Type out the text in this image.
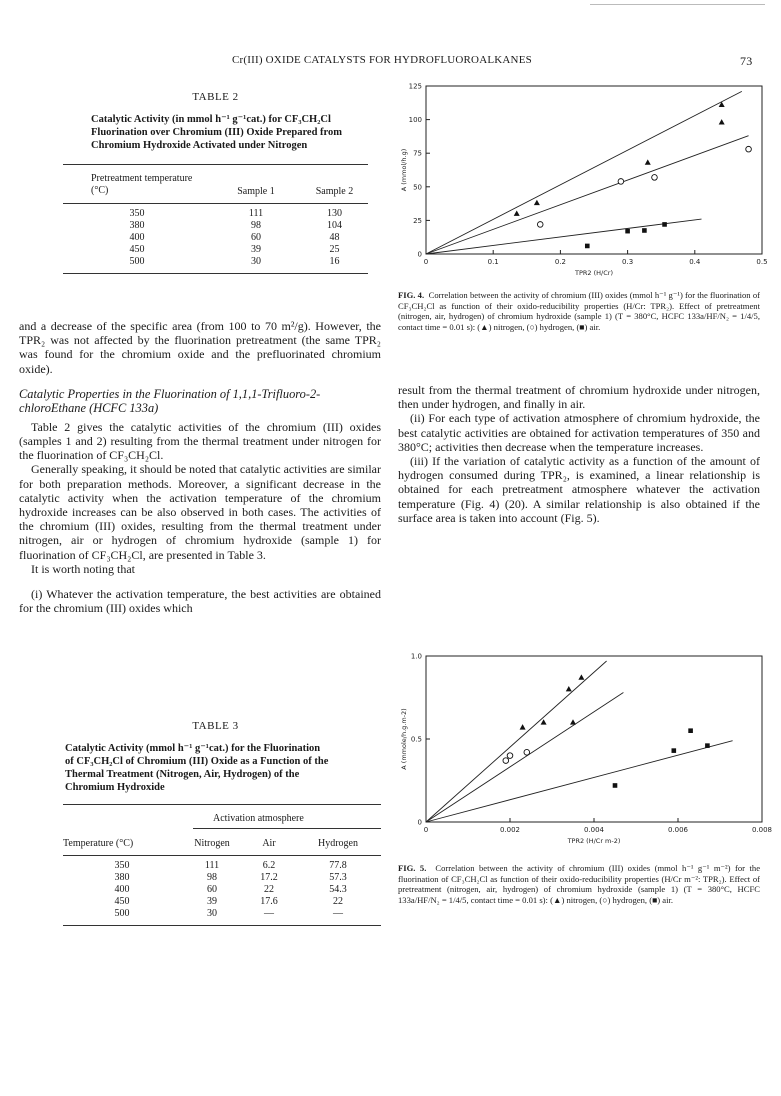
Cr(III) OXIDE CATALYSTS FOR HYDROFLUOROALKANES	73
TABLE 2
Catalytic Activity (in mmol h⁻¹ g⁻¹cat.) for CF₃CH₂Cl Fluorination over Chromium (III) Oxide Prepared from Chromium Hydroxide Activated under Nitrogen
Pretreatment temperature (°C)	Sample 1	Sample 2

350	111	130
380	98	104
400	60	48
450	39	25
500	30	16

and a decrease of the specific area (from 100 to 70 m²/g). However, the TPR₂ was not affected by the fluorination pretreatment (the same TPR₂ was found for the chromium oxide and the prefluorinated chromium oxide).

Catalytic Properties in the Fluorination of 1,1,1-Trifluoro-2-chloroEthane (HCFC 133a)

Table 2 gives the catalytic activities of the chromium (III) oxides (samples 1 and 2) resulting from the thermal treatment under nitrogen for the fluorination of CF₃CH₂Cl.

Generally speaking, it should be noted that catalytic activities are similar for both preparation methods. Moreover, a significant decrease in the catalytic activity when the activation temperature of the chromium hydroxide increases can be also observed in both cases. The activities of the chromium (III) oxides, resulting from the thermal treatment under nitrogen, air or hydrogen of chromium hydroxide (sample 1) for fluorination of CF₃CH₂Cl, are presented in Table 3.

It is worth noting that

(i) Whatever the activation temperature, the best activities are obtained for the chromium (III) oxides which

TABLE 3
Catalytic Activity (mmol h⁻¹ g⁻¹cat.) for the Fluorination of CF₃CH₂Cl of Chromium (III) Oxide as a Function of the Thermal Treatment (Nitrogen, Air, Hydrogen) of the Chromium Hydroxide
Activation atmosphere
Temperature (°C)	Nitrogen	Air	Hydrogen

350	111	6.2	77.8
380	98	17.2	57.3
400	60	22	54.3
450	39	17.6	22
500	30	—	—

0	0.1	0.2	0.3	0.4	0.5
0
25
50
75
100
125
TPR2 (H/Cr)
A (mmol/h.g)
FIG. 4. Correlation between the activity of chromium (III) oxides (mmol h⁻¹ g⁻¹) for the fluorination of CF₃CH₂Cl as function of their oxido-reducibility properties (H/Cr: TPR₂). Effect of pretreatment (nitrogen, air, hydrogen) of chromium hydroxide (sample 1) (T = 380°C, HCFC 133a/HF/N₂ = 1/4/5, contact time = 0.01 s): (▲) nitrogen, (○) hydrogen, (■) air.

result from the thermal treatment of chromium hydroxide under nitrogen, then under hydrogen, and finally in air.

(ii) For each type of activation atmosphere of chromium hydroxide, the best catalytic activities are obtained for activation temperatures of 350 and 380°C; activities then decrease when the temperature increases.

(iii) If the variation of catalytic activity as a function of the amount of hydrogen consumed during TPR₂, is examined, a linear relationship is obtained for each pretreatment atmosphere whatever the activation temperature (Fig. 4) (20). A similar relationship is also obtained if the surface area is taken into account (Fig. 5).

0	0.002	0.004	0.006	0.008
0
0.5
1.0
TPR2 (H/Cr m-2)
A (mmole/h.g.m-2)
FIG. 5. Correlation between the activity of chromium (III) oxides (mmol h⁻¹ g⁻¹ m⁻²) for the fluorination of CF₃CH₂Cl as function of their oxido-reducibility properties (H/Cr m⁻²: TPR₂). Effect of pretreatment (nitrogen, air, hydrogen) of chromium hydroxide (sample 1) (T = 380°C, HCFC 133a/HF/N₂ = 1/4/5, contact time = 0.01 s): (▲) nitrogen, (○) hydrogen, (■) air.
